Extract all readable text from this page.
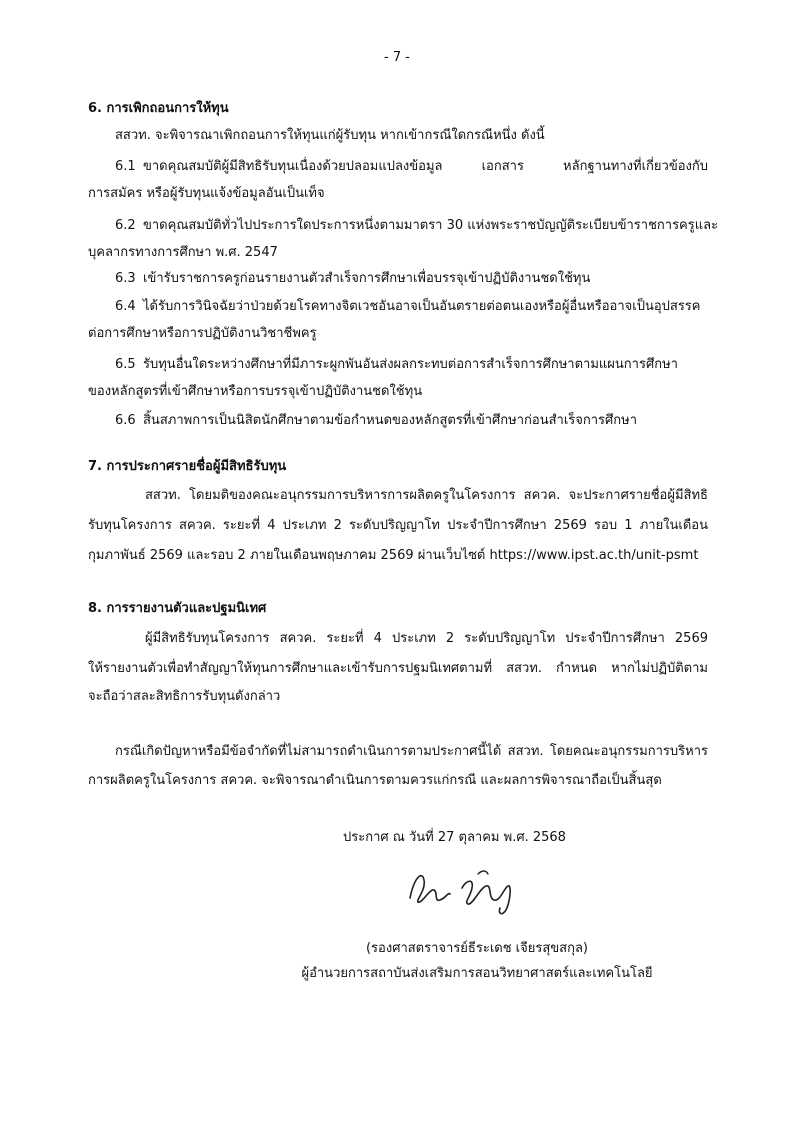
- 7 -
6. การเพิกถอนการให้ทุน
สสวท. จะพิจารณาเพิกถอนการให้ทุนแก่ผู้รับทุน หากเข้ากรณีใดกรณีหนึ่ง ดังนี้
6.1 ขาดคุณสมบัติผู้มีสิทธิรับทุนเนื่องด้วยปลอมแปลงข้อมูล เอกสาร หลักฐานทางที่เกี่ยวข้องกับ
การสมัคร หรือผู้รับทุนแจ้งข้อมูลอันเป็นเท็จ
6.2 ขาดคุณสมบัติทั่วไปประการใดประการหนึ่งตามมาตรา 30 แห่งพระราชบัญญัติระเบียบข้าราชการครูและ
บุคลากรทางการศึกษา พ.ศ. 2547
6.3 เข้ารับราชการครูก่อนรายงานตัวสำเร็จการศึกษาเพื่อบรรจุเข้าปฏิบัติงานชดใช้ทุน
6.4 ได้รับการวินิจฉัยว่าป่วยด้วยโรคทางจิตเวชอันอาจเป็นอันตรายต่อตนเองหรือผู้อื่นหรืออาจเป็นอุปสรรค
ต่อการศึกษาหรือการปฏิบัติงานวิชาชีพครู
6.5 รับทุนอื่นใดระหว่างศึกษาที่มีภาระผูกพันอันส่งผลกระทบต่อการสำเร็จการศึกษาตามแผนการศึกษา
ของหลักสูตรที่เข้าศึกษาหรือการบรรจุเข้าปฏิบัติงานชดใช้ทุน
6.6 สิ้นสภาพการเป็นนิสิตนักศึกษาตามข้อกำหนดของหลักสูตรที่เข้าศึกษาก่อนสำเร็จการศึกษา
7. การประกาศรายชื่อผู้มีสิทธิรับทุน
สสวท. โดยมติของคณะอนุกรรมการบริหารการผลิตครูในโครงการ สควค. จะประกาศรายชื่อผู้มีสิทธิ
รับทุนโครงการ สควค. ระยะที่ 4 ประเภท 2 ระดับปริญญาโท ประจำปีการศึกษา 2569 รอบ 1 ภายในเดือน
กุมภาพันธ์ 2569 และรอบ 2 ภายในเดือนพฤษภาคม 2569 ผ่านเว็บไซต์ https://www.ipst.ac.th/unit-psmt
8. การรายงานตัวและปฐมนิเทศ
ผู้มีสิทธิรับทุนโครงการ สควค. ระยะที่ 4 ประเภท 2 ระดับปริญญาโท ประจำปีการศึกษา 2569
ให้รายงานตัวเพื่อทำสัญญาให้ทุนการศึกษาและเข้ารับการปฐมนิเทศตามที่ สสวท. กำหนด หากไม่ปฏิบัติตาม
จะถือว่าสละสิทธิการรับทุนดังกล่าว
กรณีเกิดปัญหาหรือมีข้อจำกัดที่ไม่สามารถดำเนินการตามประกาศนี้ได้ สสวท. โดยคณะอนุกรรมการบริหาร
การผลิตครูในโครงการ สควค. จะพิจารณาดำเนินการตามควรแก่กรณี และผลการพิจารณาถือเป็นสิ้นสุด
ประกาศ ณ วันที่ 27 ตุลาคม พ.ศ. 2568
(รองศาสตราจารย์ธีระเดช เจียรสุขสกุล)
ผู้อำนวยการสถาบันส่งเสริมการสอนวิทยาศาสตร์และเทคโนโลยี
